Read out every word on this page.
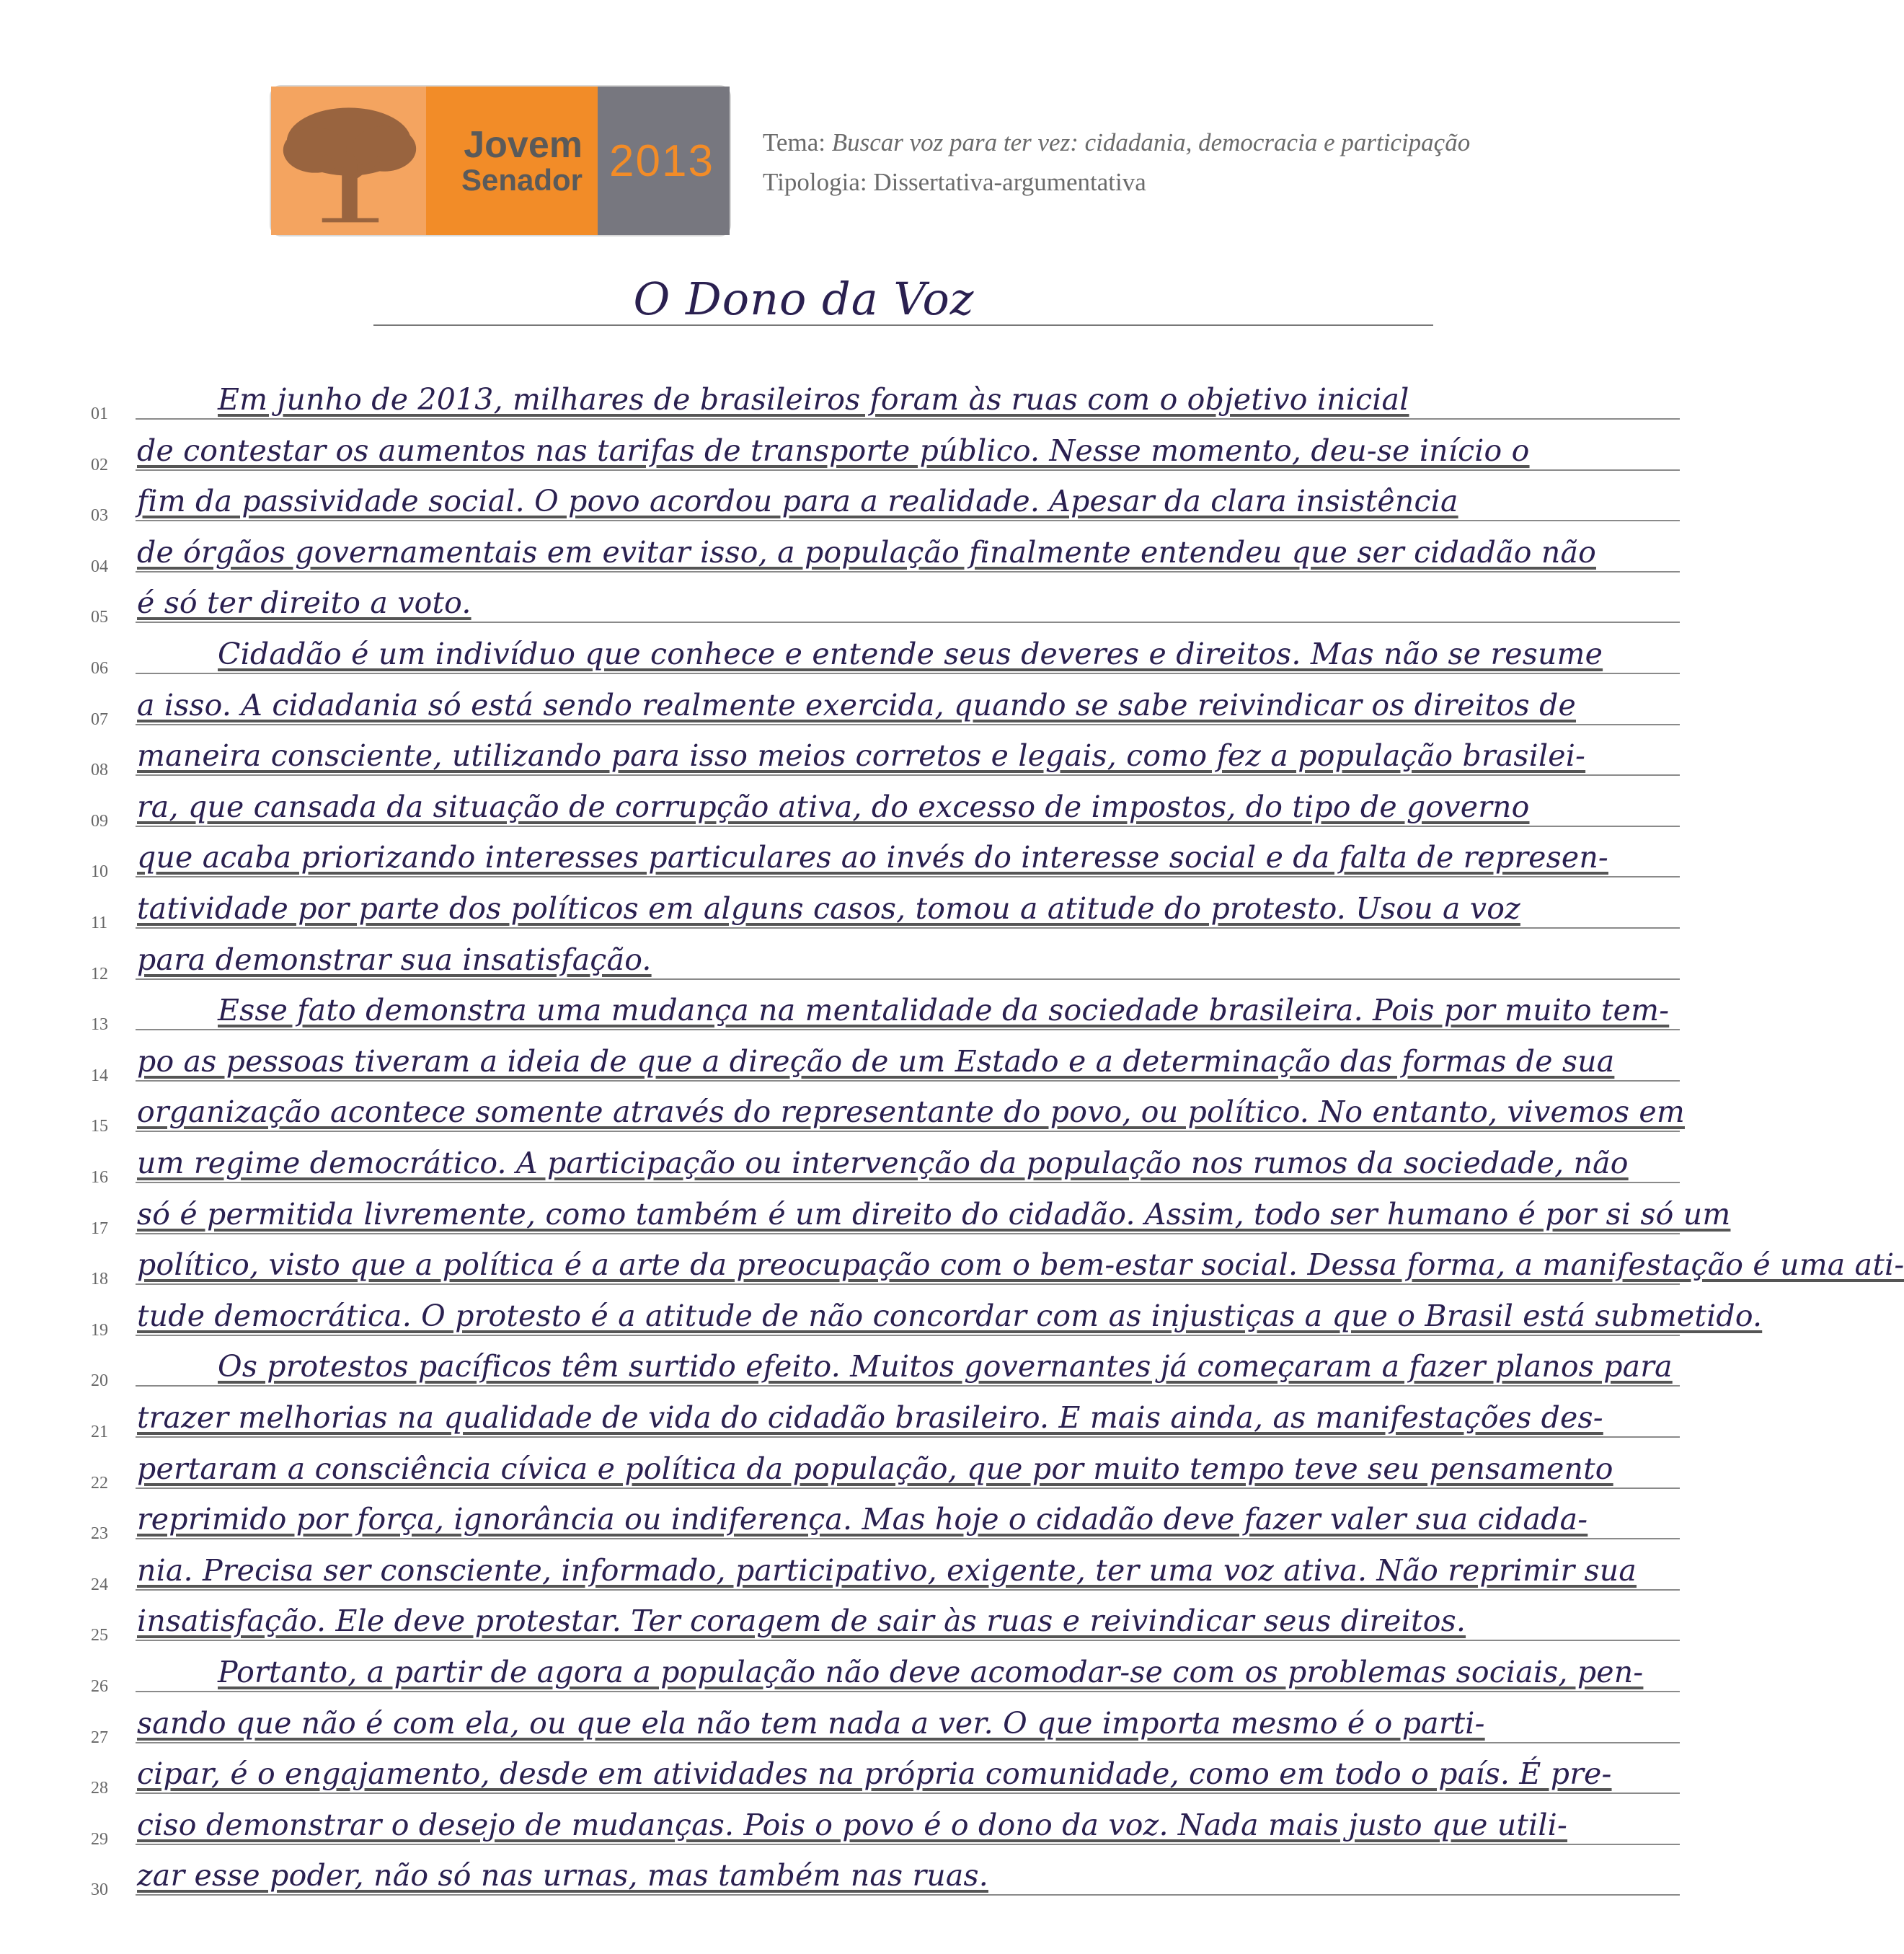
Jovem
Senador 2013 Tema: Buscar voz para ter vez: cidadania, democracia e participação
Tipologia: Dissertativa-argumentativa
O Dono da Voz
01	Em junho de 2013, milhares de brasileiros foram às ruas com o objetivo inicial
02 de contestar os aumentos nas tarifas de transporte público. Nesse momento, deu-se início o
03 fim da passividade social. O povo acordou para a realidade. Apesar da clara insistência
04 de órgãos governamentais em evitar isso, a população finalmente entendeu que ser cidadão não
05 é só ter direito a voto.
06	Cidadão é um indivíduo que conhece e entende seus deveres e direitos. Mas não se resume
07 a isso. A cidadania só está sendo realmente exercida, quando se sabe reivindicar os direitos de
08 maneira consciente, utilizando para isso meios corretos e legais, como fez a população brasilei-
09 ra, que cansada da situação de corrupção ativa, do excesso de impostos, do tipo de governo
10 que acaba priorizando interesses particulares ao invés do interesse social e da falta de represen-
11 tatividade por parte dos políticos em alguns casos, tomou a atitude do protesto. Usou a voz
12 para demonstrar sua insatisfação.
13	Esse fato demonstra uma mudança na mentalidade da sociedade brasileira. Pois por muito tem-
14 po as pessoas tiveram a ideia de que a direção de um Estado e a determinação das formas de sua
15 organização acontece somente através do representante do povo, ou político. No entanto, vivemos em
16 um regime democrático. A participação ou intervenção da população nos rumos da sociedade, não
17 só é permitida livremente, como também é um direito do cidadão. Assim, todo ser humano é por si só um
18 político, visto que a política é a arte da preocupação com o bem-estar social. Dessa forma, a manifestação é uma ati-
19 tude democrática. O protesto é a atitude de não concordar com as injustiças a que o Brasil está submetido.
20	Os protestos pacíficos têm surtido efeito. Muitos governantes já começaram a fazer planos para
21 trazer melhorias na qualidade de vida do cidadão brasileiro. E mais ainda, as manifestações des-
22 pertaram a consciência cívica e política da população, que por muito tempo teve seu pensamento
23 reprimido por força, ignorância ou indiferença. Mas hoje o cidadão deve fazer valer sua cidada-
24 nia. Precisa ser consciente, informado, participativo, exigente, ter uma voz ativa. Não reprimir sua
25 insatisfação. Ele deve protestar. Ter coragem de sair às ruas e reivindicar seus direitos.
26	Portanto, a partir de agora a população não deve acomodar-se com os problemas sociais, pen-
27 sando que não é com ela, ou que ela não tem nada a ver. O que importa mesmo é o parti-
28 cipar, é o engajamento, desde em atividades na própria comunidade, como em todo o país. É pre-
29 ciso demonstrar o desejo de mudanças. Pois o povo é o dono da voz. Nada mais justo que utili-
30 zar esse poder, não só nas urnas, mas também nas ruas.
